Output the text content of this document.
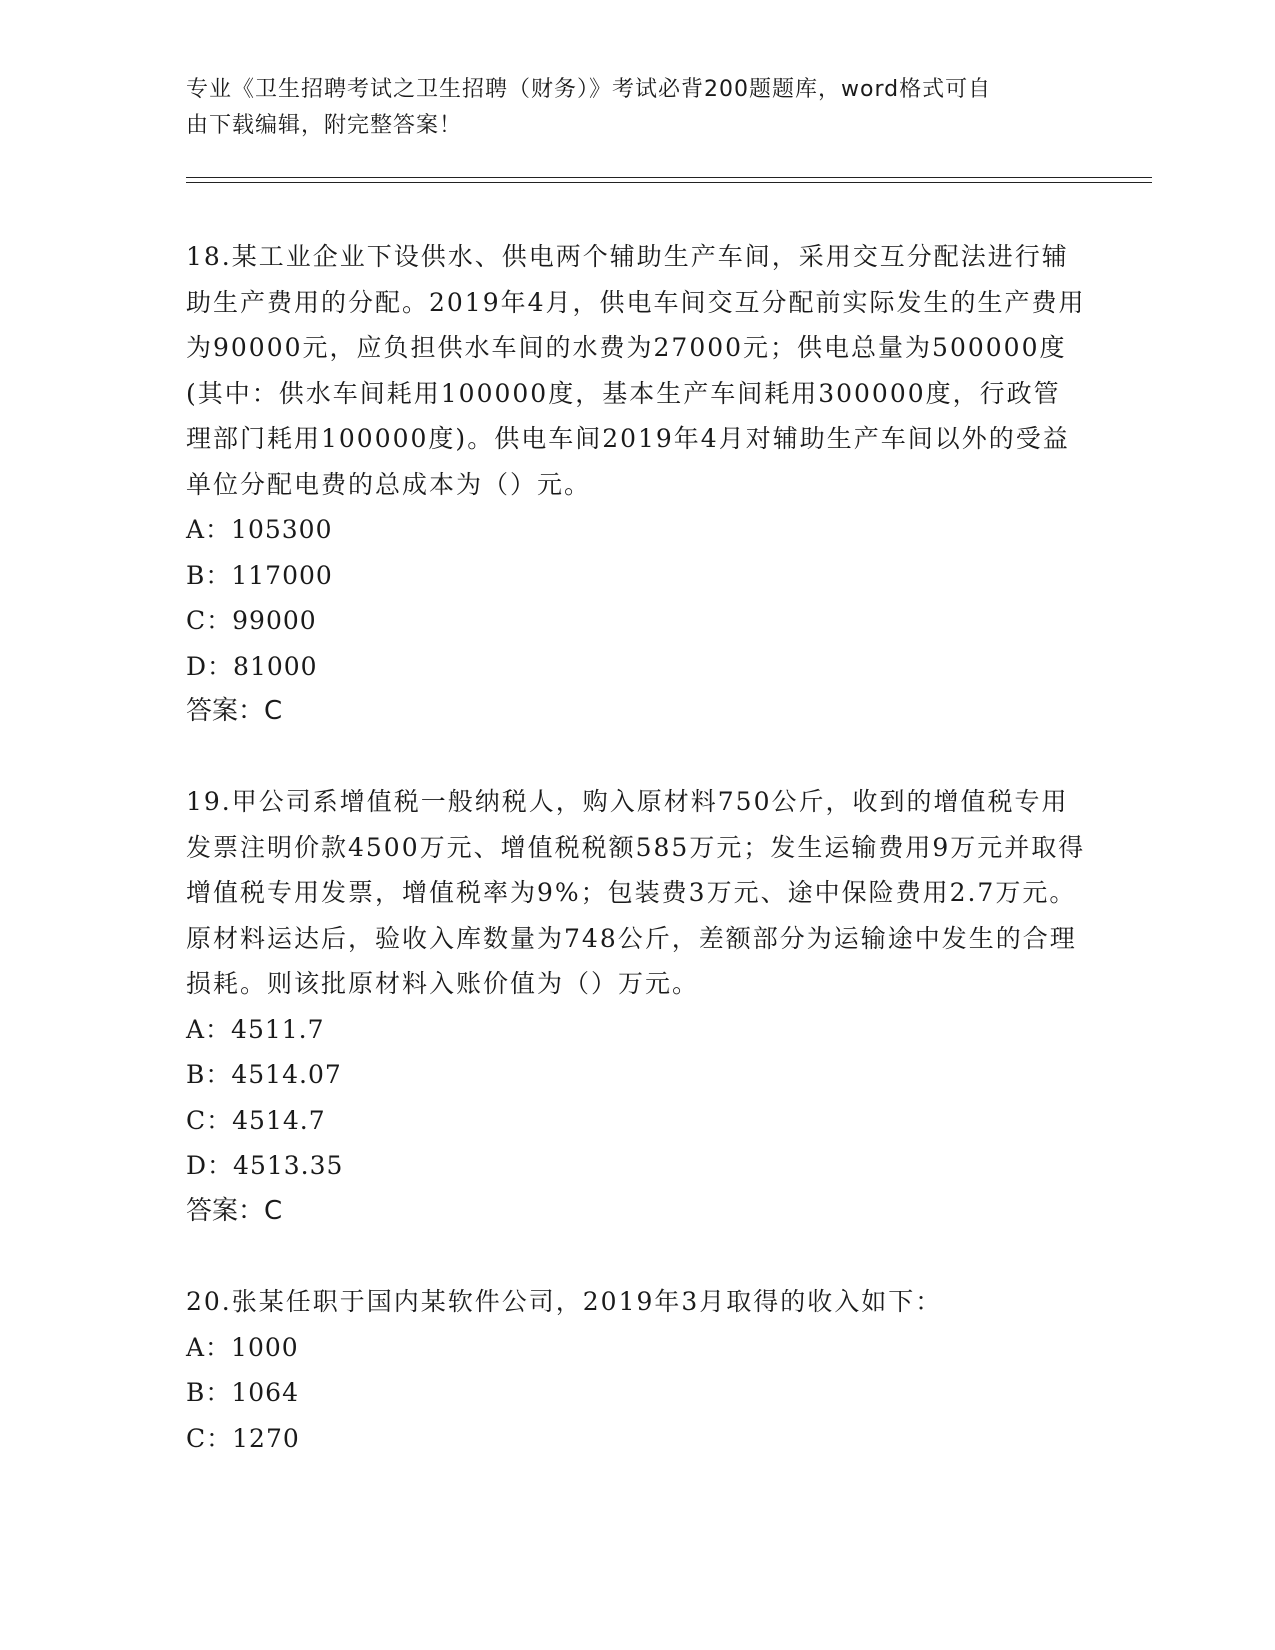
专业《卫生招聘考试之卫生招聘（财务）》考试必背200题题库，word格式可自
由下载编辑，附完整答案！

18.某工业企业下设供水、供电两个辅助生产车间，采用交互分配法进行辅助生产费用的分配。2019年4月，供电车间交互分配前实际发生的生产费用为90000元，应负担供水车间的水费为27000元；供电总量为500000度(其中：供水车间耗用100000度，基本生产车间耗用300000度，行政管理部门耗用100000度)。供电车间2019年4月对辅助生产车间以外的受益单位分配电费的总成本为（）元。

A：105300

B：117000

C：99000

D：81000

答案：C

19.甲公司系增值税一般纳税人，购入原材料750公斤，收到的增值税专用发票注明价款4500万元、增值税税额585万元；发生运输费用9万元并取得增值税专用发票，增值税率为9%；包装费3万元、途中保险费用2.7万元。原材料运达后，验收入库数量为748公斤，差额部分为运输途中发生的合理损耗。则该批原材料入账价值为（）万元。

A：4511.7

B：4514.07

C：4514.7

D：4513.35

答案：C

20.张某任职于国内某软件公司，2019年3月取得的收入如下：

A：1000

B：1064

C：1270
